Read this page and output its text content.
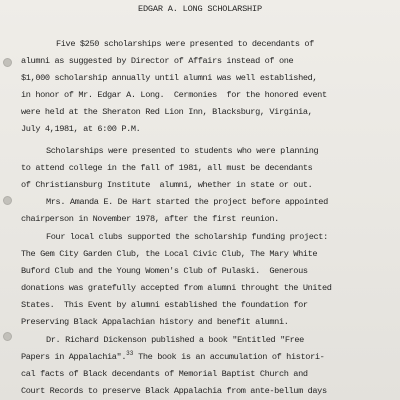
EDGAR A. LONG SCHOLARSHIP
Five $250 scholarships were presented to decendants of
alumni as suggested by Director of Affairs instead of one
$1,000 scholarship annually until alumni was well established,
in honor of Mr. Edgar A. Long.  Cermonies  for the honored event
were held at the Sheraton Red Lion Inn, Blacksburg, Virginia,
July 4,1981, at 6:00 P.M.
Scholarships were presented to students who were planning
to attend college in the fall of 1981, all must be decendants
of Christiansburg Institute  alumni, whether in state or out.
Mrs. Amanda E. De Hart started the project before appointed
chairperson in November 1978, after the first reunion.
Four local clubs supported the scholarship funding project:
The Gem City Garden Club, the Local Civic Club, The Mary White
Buford Club and the Young Women's Club of Pulaski.  Generous
donations was gratefully accepted from alumni throught the United
States.  This Event by alumni established the foundation for
Preserving Black Appalachian history and benefit alumni.
Dr. Richard Dickenson published a book "Entitled "Free
Papers in Appalachia".$^{33}$ The book is an accumulation of histori-
cal facts of Black decendants of Memorial Baptist Church and
Court Records to preserve Black Appalachia from ante-bellum days
